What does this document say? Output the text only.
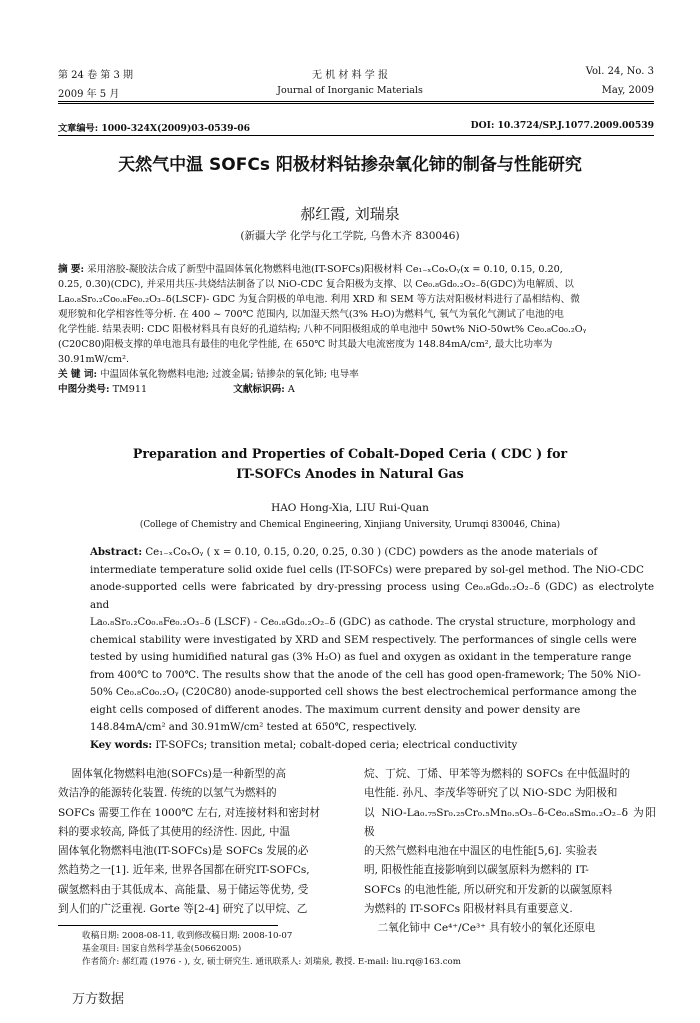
第 24 卷 第 3 期	无 机 材 料 学 报	Vol. 24, No. 3
2009 年 5 月	Journal of Inorganic Materials	May, 2009
文章编号: 1000-324X(2009)03-0539-06	DOI: 10.3724/SP.J.1077.2009.00539
天然气中温 SOFCs 阳极材料钴掺杂氧化铈的制备与性能研究
郝红霞, 刘瑞泉
(新疆大学 化学与化工学院, 乌鲁木齐 830046)
摘 要: 采用溶胶-凝胶法合成了新型中温固体氧化物燃料电池(IT-SOFCs)阳极材料 Ce₁₋ₓCoₓOᵧ(x = 0.10, 0.15, 0.20,
0.25, 0.30)(CDC), 并采用共压-共烧结法制备了以 NiO-CDC 复合阳极为支撑、以 Ce₀.₈Gd₀.₂O₂₋δ(GDC)为电解质、以
La₀.₈Sr₀.₂Co₀.₈Fe₀.₂O₃₋δ(LSCF)- GDC 为复合阴极的单电池. 利用 XRD 和 SEM 等方法对阳极材料进行了晶相结构、微
观形貌和化学相容性等分析. 在 400 ~ 700℃ 范围内, 以加湿天然气(3% H₂O)为燃料气, 氧气为氧化气测试了电池的电
化学性能. 结果表明: CDC 阳极材料具有良好的孔道结构; 八种不同阳极组成的单电池中 50wt% NiO-50wt% Ce₀.₈Co₀.₂Oᵧ
(C20C80)阳极支撑的单电池具有最佳的电化学性能, 在 650℃ 时其最大电流密度为 148.84mA/cm², 最大比功率为
30.91mW/cm².
关 键 词: 中温固体氧化物燃料电池; 过渡金属; 钴掺杂的氧化铈; 电导率
中图分类号: TM911	文献标识码: A
Preparation and Properties of Cobalt-Doped Ceria ( CDC ) for
IT-SOFCs Anodes in Natural Gas
HAO Hong-Xia, LIU Rui-Quan
(College of Chemistry and Chemical Engineering, Xinjiang University, Urumqi 830046, China)
Abstract: Ce₁₋ₓCoₓOᵧ ( x = 0.10, 0.15, 0.20, 0.25, 0.30 ) (CDC) powders as the anode materials of
intermediate temperature solid oxide fuel cells (IT-SOFCs) were prepared by sol-gel method. The NiO-CDC
anode-supported cells were fabricated by dry-pressing process using Ce₀.₈Gd₀.₂O₂₋δ (GDC) as electrolyte and
La₀.₈Sr₀.₂Co₀.₈Fe₀.₂O₃₋δ (LSCF) - Ce₀.₈Gd₀.₂O₂₋δ (GDC) as cathode. The crystal structure, morphology and
chemical stability were investigated by XRD and SEM respectively. The performances of single cells were
tested by using humidified natural gas (3% H₂O) as fuel and oxygen as oxidant in the temperature range
from 400℃ to 700℃. The results show that the anode of the cell has good open-framework; The 50% NiO-
50% Ce₀.₈Co₀.₂Oᵧ (C20C80) anode-supported cell shows the best electrochemical performance among the
eight cells composed of different anodes. The maximum current density and power density are
148.84mA/cm² and 30.91mW/cm² tested at 650℃, respectively.
Key words: IT-SOFCs; transition metal; cobalt-doped ceria; electrical conductivity
固体氧化物燃料电池(SOFCs)是一种新型的高
效洁净的能源转化装置. 传统的以氢气为燃料的
SOFCs 需要工作在 1000℃ 左右, 对连接材料和密封材
料的要求较高, 降低了其使用的经济性. 因此, 中温
固体氧化物燃料电池(IT-SOFCs)是 SOFCs 发展的必
然趋势之一[1]. 近年来, 世界各国都在研究IT-SOFCs,
碳氢燃料由于其低成本、高能量、易于储运等优势, 受
到人们的广泛重视. Gorte 等[2-4] 研究了以甲烷、乙
烷、丁烷、丁烯、甲苯等为燃料的 SOFCs 在中低温时的
电性能. 孙凡、李茂华等研究了以 NiO-SDC 为阳极和
以 NiO-La₀.₇₅Sr₀.₂₅Cr₀.₅Mn₀.₅O₃₋δ-Ce₀.₈Sm₀.₂O₂₋δ 为阳极
的天然气燃料电池在中温区的电性能[5,6]. 实验表
明, 阳极性能直接影响到以碳氢原料为燃料的 IT-
SOFCs 的电池性能, 所以研究和开发新的以碳氢原料
为燃料的 IT-SOFCs 阳极材料具有重要意义.
二氧化铈中 Ce⁴⁺/Ce³⁺ 具有较小的氧化还原电
收稿日期: 2008-08-11, 收到修改稿日期: 2008-10-07
基金项目: 国家自然科学基金(50662005)
作者简介: 郝红霞 (1976 - ), 女, 硕士研究生. 通讯联系人: 刘瑞泉, 教授. E-mail: liu.rq@163.com
万方数据
